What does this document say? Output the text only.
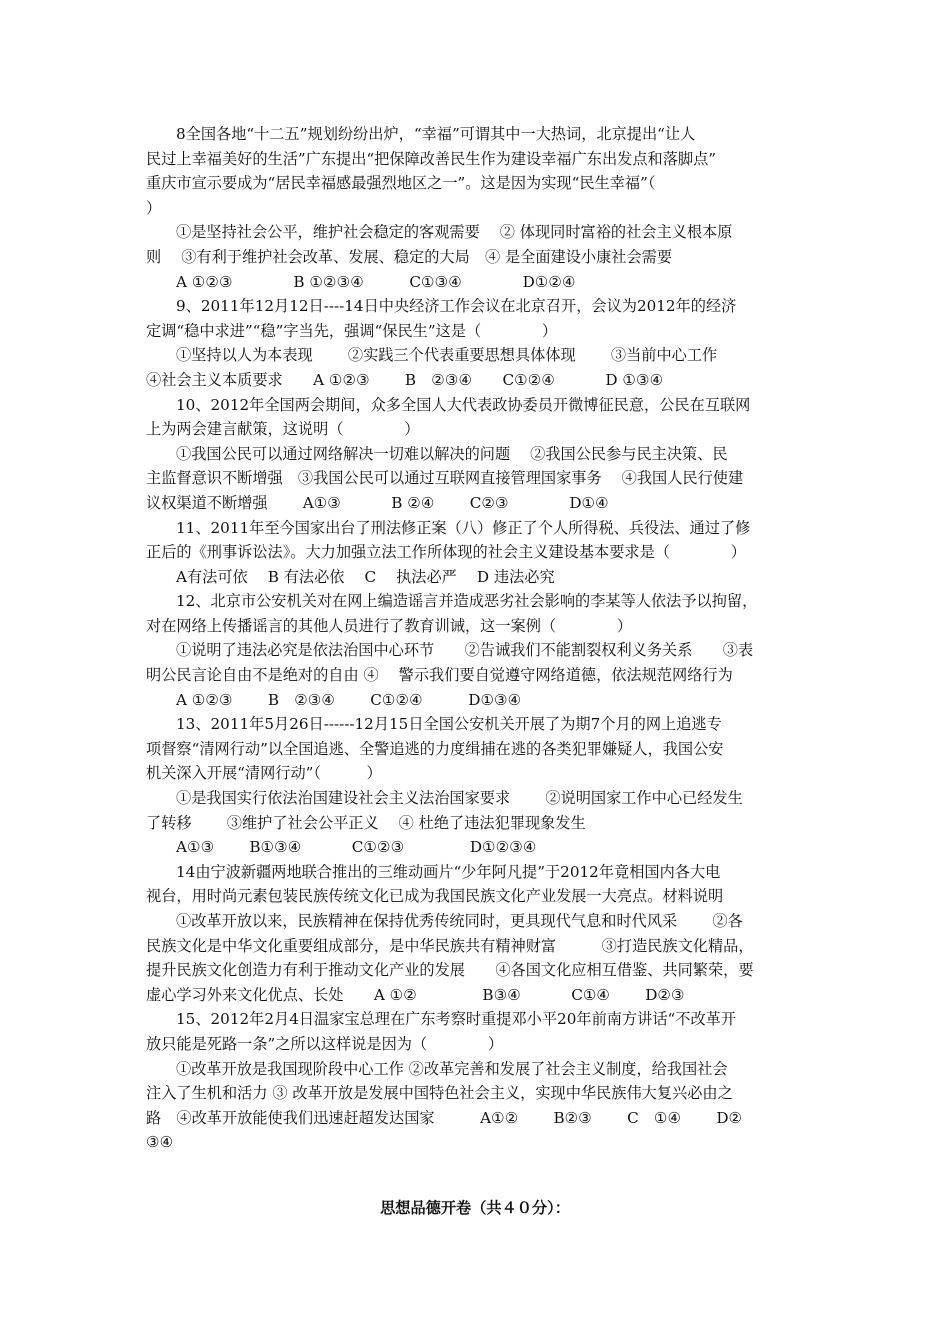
8全国各地“十二五”规划纷纷出炉，“幸福”可谓其中一大热词，北京提出“让人
民过上幸福美好的生活”广东提出“把保障改善民生作为建设幸福广东出发点和落脚点”
重庆市宣示要成为“居民幸福感最强烈地区之一”。这是因为实现“民生幸福”（
）
①是坚持社会公平，维护社会稳定的客观需要　 ② 体现同时富裕的社会主义根本原
则　 ③有利于维护社会改革、发展、稳定的大局　④ 是全面建设小康社会需要
A ①②③　　　　B ①②③④　　　C①③④　　　　D①②④
9、2011年12月12日----14日中央经济工作会议在北京召开，会议为2012年的经济
定调“稳中求进”“稳”字当先，强调“保民生”这是（　　　　）
①坚持以人为本表现　　 ②实践三个代表重要思想具体体现　　 ③当前中心工作
④社会主义本质要求　　A ①②③　　 B　②③④　　C①②④　　　 D ①③④
10、2012年全国两会期间，众多全国人大代表政协委员开微博征民意，公民在互联网
上为两会建言献策，这说明（　　　　）
①我国公民可以通过网络解决一切难以解决的问题　 ②我国公民参与民主决策、民
主监督意识不断增强　③我国公民可以通过互联网直接管理国家事务　 ④我国人民行使建
议权渠道不断增强　　 A①③　　　 B ②④　　 C②③　　　　D①④
11、2011年至今国家出台了刑法修正案（八）修正了个人所得税、兵役法、通过了修
正后的《刑事诉讼法》。大力加强立法工作所体现的社会主义建设基本要求是（　　　　）
A有法可依　 B 有法必依　 C　 执法必严　 D 违法必究
12、北京市公安机关对在网上编造谣言并造成恶劣社会影响的李某等人依法予以拘留，
对在网络上传播谣言的其他人员进行了教育训诫，这一案例（　　　　）
①说明了违法必究是依法治国中心环节　　②告诫我们不能割裂权利义务关系　　③表
明公民言论自由不是绝对的自由 ④　 警示我们要自觉遵守网络道德，依法规范网络行为
A ①②③　　 B　②③④　　 C①②④　　　D①③④
13、2011年5月26日------12月15日全国公安机关开展了为期7个月的网上追逃专
项督察“清网行动”以全国追逃、全警追逃的力度缉捕在逃的各类犯罪嫌疑人，我国公安
机关深入开展“清网行动”（　　　）
①是我国实行依法治国建设社会主义法治国家要求　　 ②说明国家工作中心已经发生
了转移　　 ③维护了社会公平正义　 ④ 杜绝了违法犯罪现象发生
A①③　　 B①③④　　　 C①②③　　　　 D①②③④
14由宁波新疆两地联合推出的三维动画片“少年阿凡提”于2012年竟相国内各大电
视台，用时尚元素包装民族传统文化已成为我国民族文化产业发展一大亮点。材料说明
①改革开放以来，民族精神在保持优秀传统同时，更具现代气息和时代风采　　 ②各
民族文化是中华文化重要组成部分，是中华民族共有精神财富　　　③打造民族文化精品，
提升民族文化创造力有利于推动文化产业的发展　　④各国文化应相互借鉴、共同繁荣，要
虚心学习外来文化优点、长处　　A ①②　　　　 B③④　　　 C①④　　 D②③
15、2012年2月4日温家宝总理在广东考察时重提邓小平20年前南方讲话“不改革开
放只能是死路一条”之所以这样说是因为（　　　　）
①改革开放是我国现阶段中心工作 ②改革完善和发展了社会主义制度，给我国社会
注入了生机和活力 ③ 改革开放是发展中国特色社会主义，实现中华民族伟大复兴必由之
路　④改革开放能使我们迅速赶超发达国家　　　A①②　　 B②③　　 C　①④　　 D②
③④
思想品德开卷（共４０分）：
